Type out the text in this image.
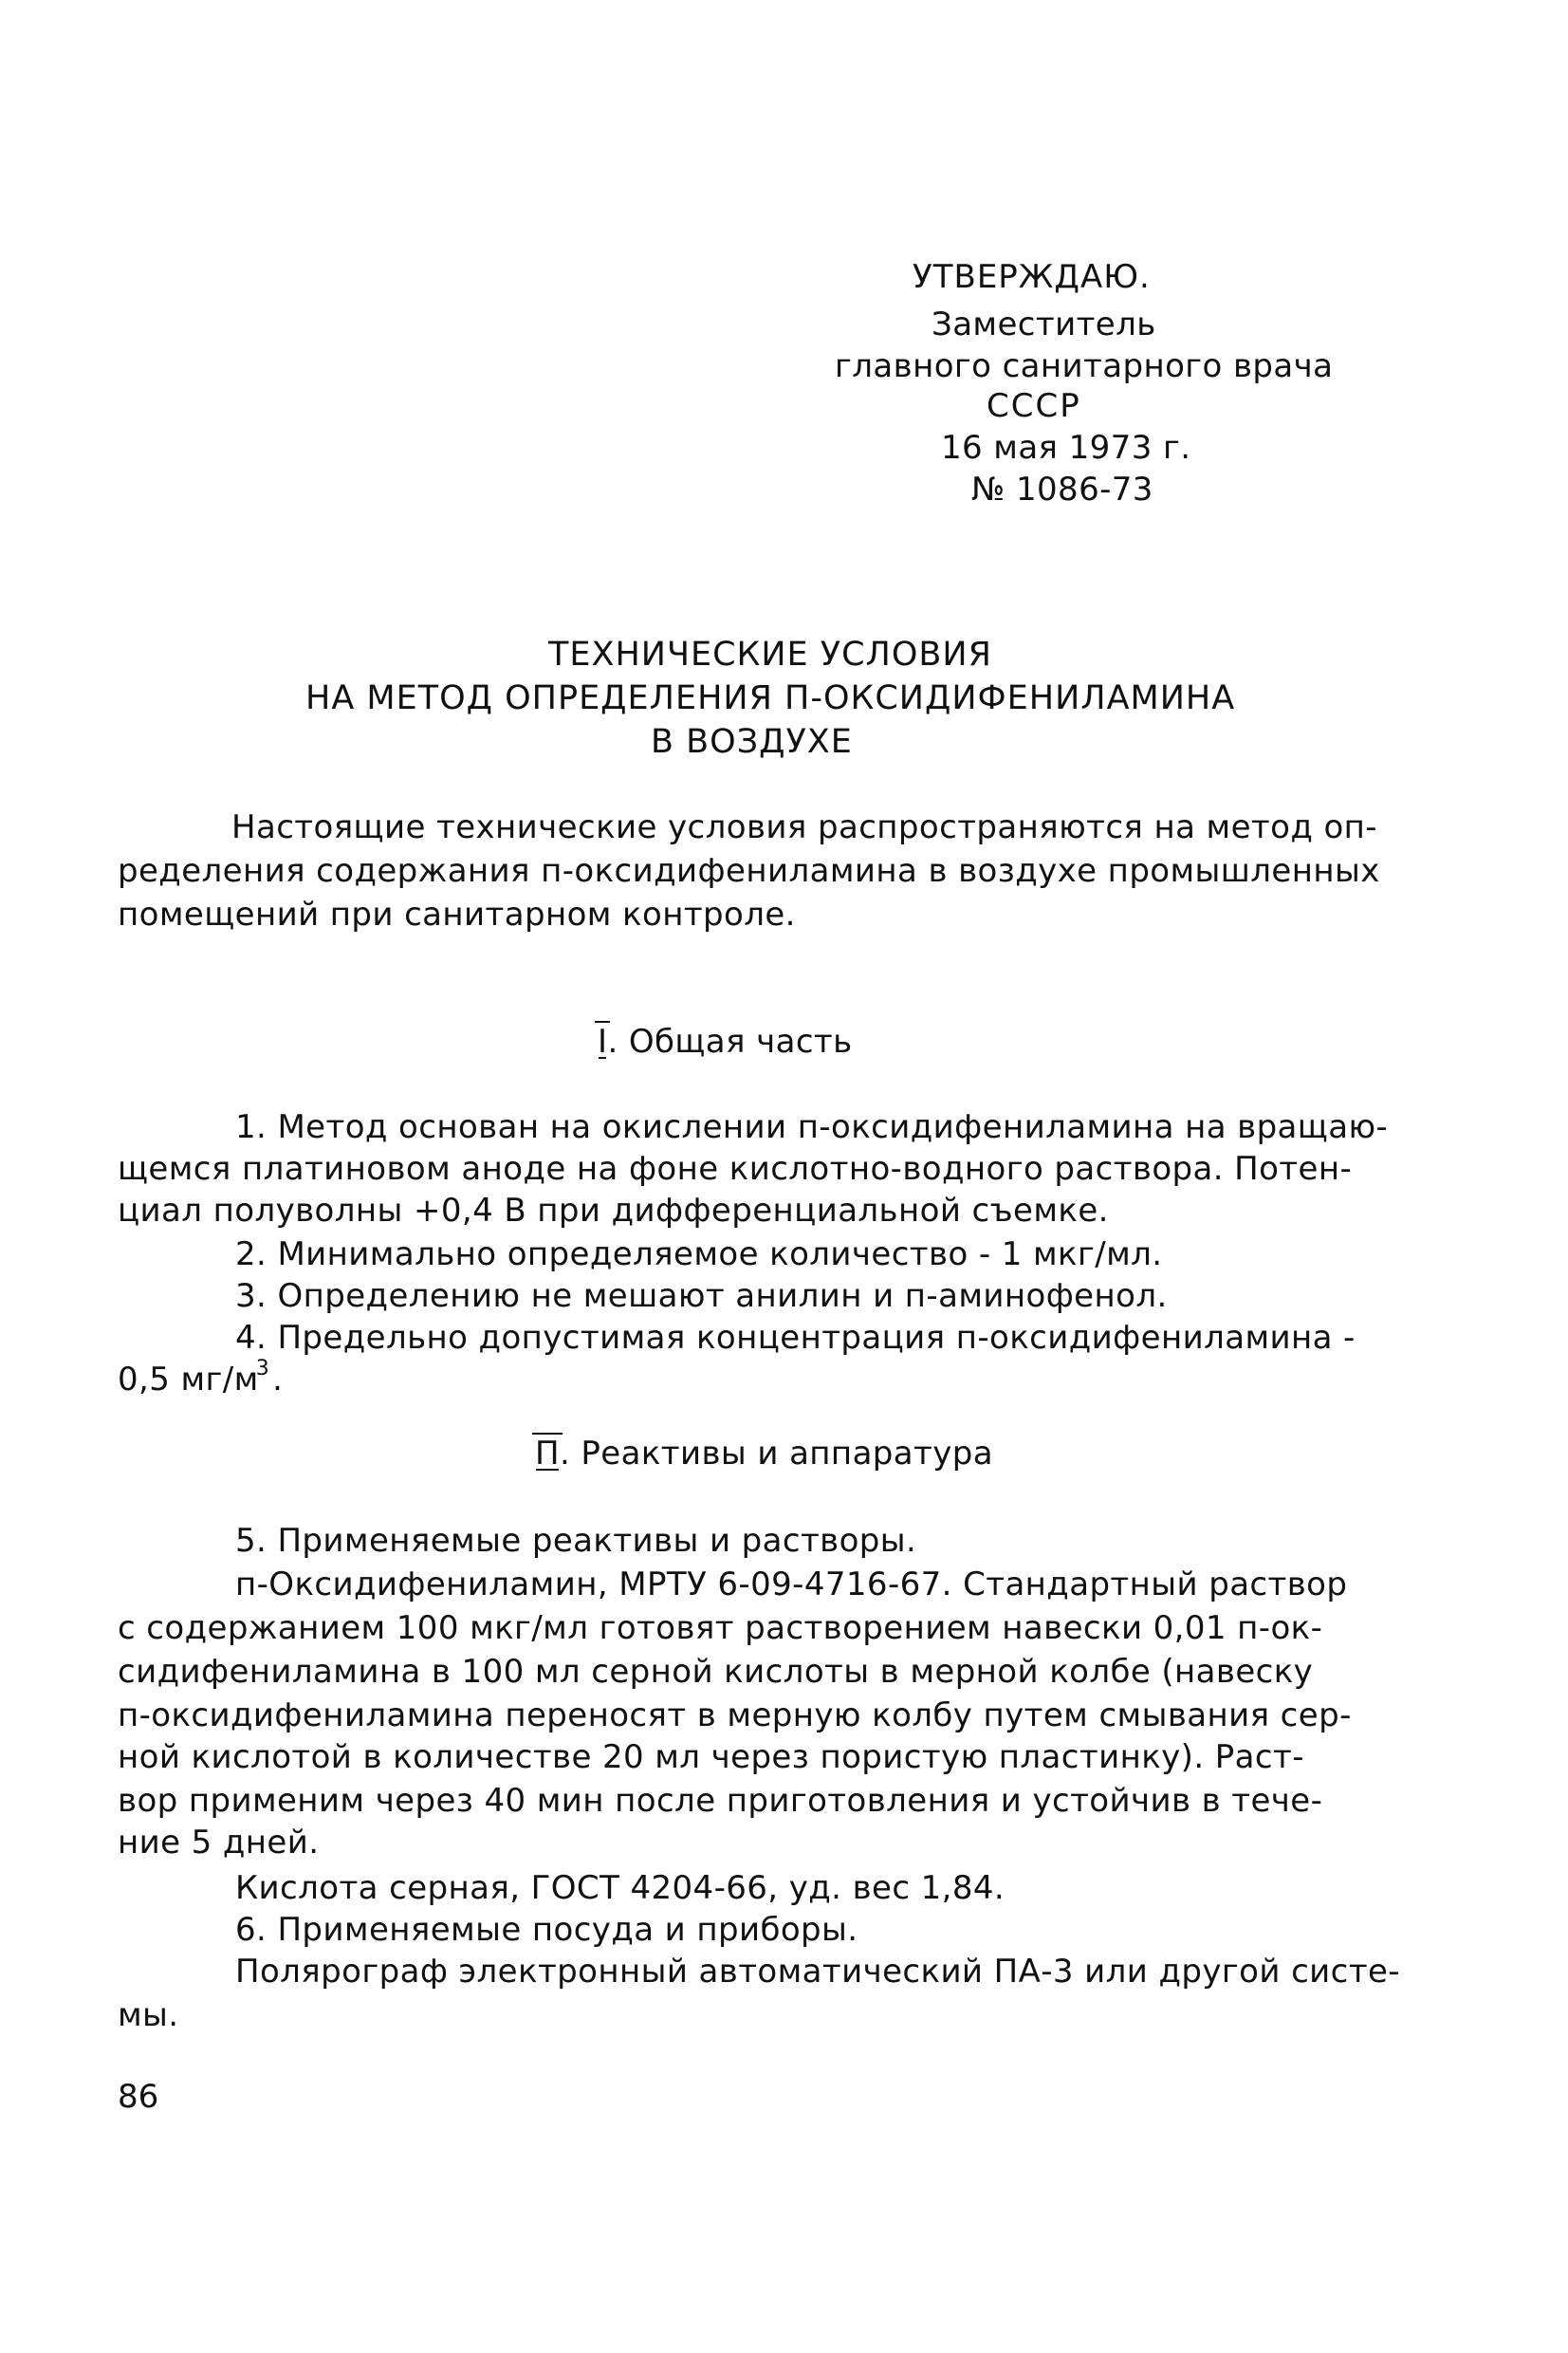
УТВЕРЖДАЮ.
Заместитель
главного санитарного врача
СССР
16 мая 1973 г.
№ 1086-73
ТЕХНИЧЕСКИЕ УСЛОВИЯ
НА МЕТОД ОПРЕДЕЛЕНИЯ П-ОКСИДИФЕНИЛАМИНА
В ВОЗДУХЕ
Настоящие технические условия распространяются на метод оп-
ределения содержания п-оксидифениламина в воздухе промышленных
помещений при санитарном контроле.
I. Общая часть
1. Метод основан на окислении п-оксидифениламина на вращаю-
щемся платиновом аноде на фоне кислотно-водного раствора. Потен-
циал полуволны +0,4 В при дифференциальной съемке.
2. Минимально определяемое количество - 1 мкг/мл.
3. Определению не мешают анилин и п-аминофенол.
4. Предельно допустимая концентрация п-оксидифениламина -
0,5 $мг/м^3$.
П. Реактивы и аппаратура
5. Применяемые реактивы и растворы.
п-Оксидифениламин, МРТУ 6-09-4716-67. Стандартный раствор
с содержанием 100 мкг/мл готовят растворением навески 0,01 п-ок-
сидифениламина в 100 мл серной кислоты в мерной колбе (навеску
п-оксидифениламина переносят в мерную колбу путем смывания сер-
ной кислотой в количестве 20 мл через пористую пластинку). Раст-
вор применим через 40 мин после приготовления и устойчив в тече-
ние 5 дней.
Кислота серная, ГОСТ 4204-66, уд. вес 1,84.
6. Применяемые посуда и приборы.
Полярограф электронный автоматический ПА-3 или другой систе-
мы.
86
